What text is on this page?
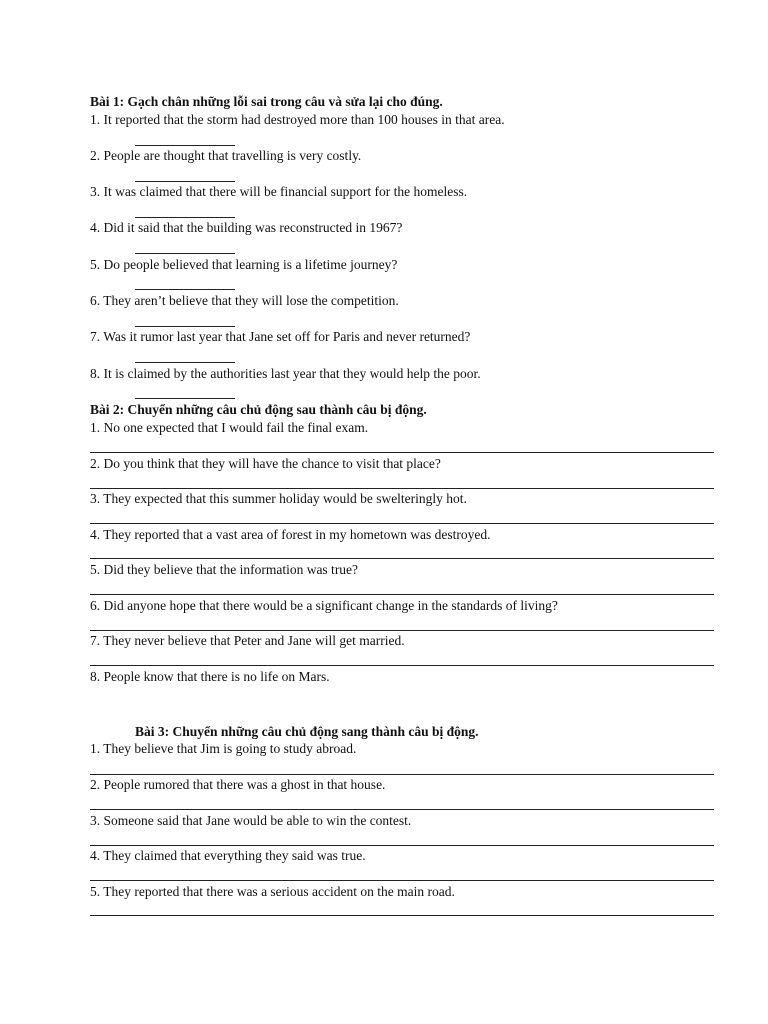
Bài 1: Gạch chân những lỗi sai trong câu và sửa lại cho đúng.
1. It reported that the storm had destroyed more than 100 houses in that area.
2. People are thought that travelling is very costly.
3. It was claimed that there will be financial support for the homeless.
4. Did it said that the building was reconstructed in 1967?
5. Do people believed that learning is a lifetime journey?
6. They aren’t believe that they will lose the competition.
7. Was it rumor last year that Jane set off for Paris and never returned?
8. It is claimed by the authorities last year that they would help the poor.
Bài 2: Chuyển những câu chủ động sau thành câu bị động.
1. No one expected that I would fail the final exam.
2. Do you think that they will have the chance to visit that place?
3. They expected that this summer holiday would be swelteringly hot.
4. They reported that a vast area of forest in my hometown was destroyed.
5. Did they believe that the information was true?
6. Did anyone hope that there would be a significant change in the standards of living?
7. They never believe that Peter and Jane will get married.
8. People know that there is no life on Mars.
Bài 3: Chuyển những câu chủ động sang thành câu bị động.
1. They believe that Jim is going to study abroad.
2. People rumored that there was a ghost in that house.
3. Someone said that Jane would be able to win the contest.
4. They claimed that everything they said was true.
5. They reported that there was a serious accident on the main road.
